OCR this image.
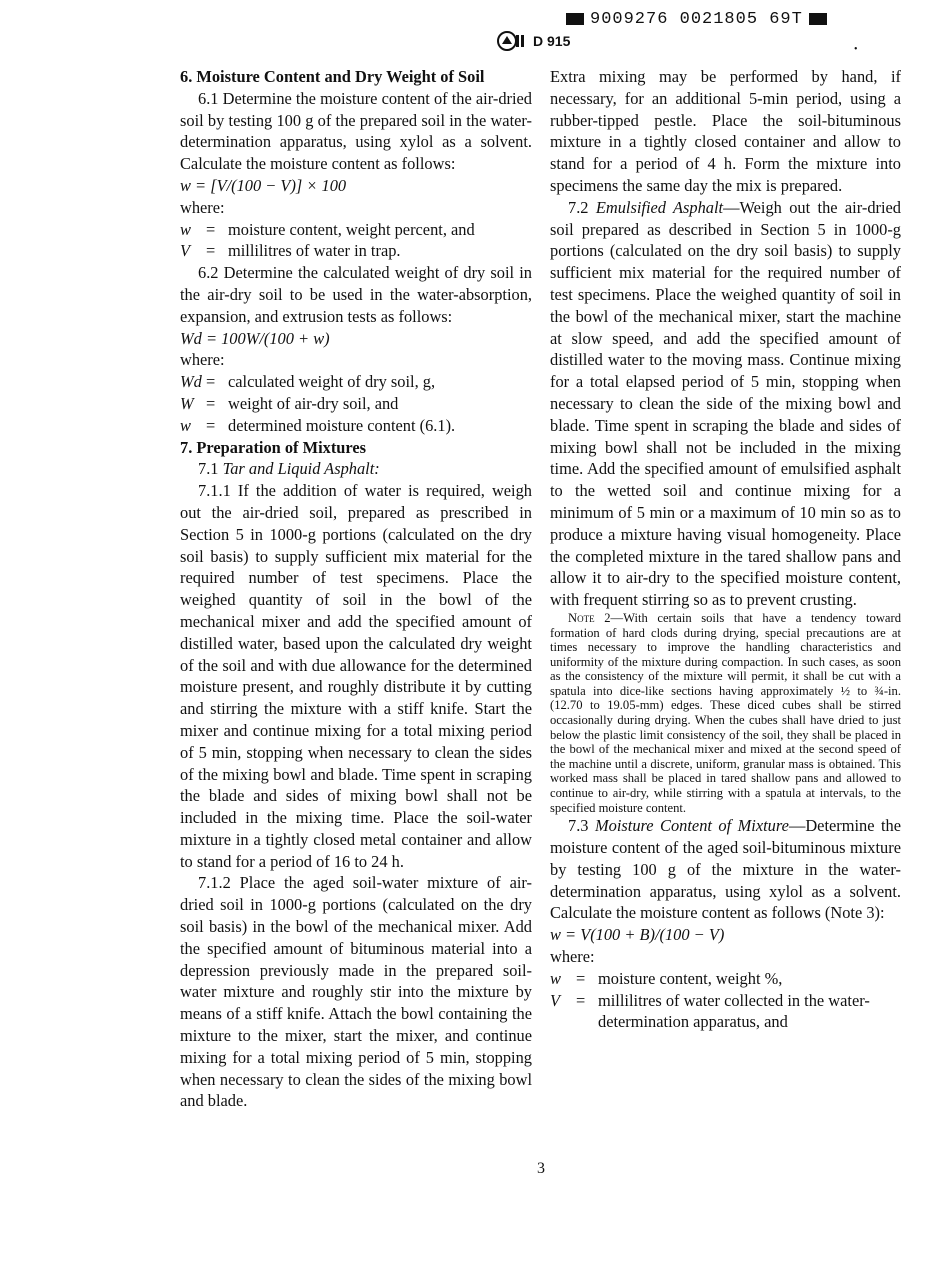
9009276 0021805 69T
D 915
•

6. Moisture Content and Dry Weight of Soil

6.1 Determine the moisture content of the air-dried soil by testing 100 g of the prepared soil in the water-determination apparatus, using xylol as a solvent. Calculate the moisture content as follows:

w = [V/(100 − V)] × 100

where:

w = moisture content, weight percent, and
V = millilitres of water in trap.

6.2 Determine the calculated weight of dry soil in the air-dry soil to be used in the water-absorption, expansion, and extrusion tests as follows:

Wd = 100W/(100 + w)

where:

Wd = calculated weight of dry soil, g,
W = weight of air-dry soil, and
w = determined moisture content (6.1).

7. Preparation of Mixtures

7.1 Tar and Liquid Asphalt:

7.1.1 If the addition of water is required, weigh out the air-dried soil, prepared as prescribed in Section 5 in 1000-g portions (calculated on the dry soil basis) to supply sufficient mix material for the required number of test specimens. Place the weighed quantity of soil in the bowl of the mechanical mixer and add the specified amount of distilled water, based upon the calculated dry weight of the soil and with due allowance for the determined moisture present, and roughly distribute it by cutting and stirring the mixture with a stiff knife. Start the mixer and continue mixing for a total mixing period of 5 min, stopping when necessary to clean the sides of the mixing bowl and blade. Time spent in scraping the blade and sides of mixing bowl shall not be included in the mixing time. Place the soil-water mixture in a tightly closed metal container and allow to stand for a period of 16 to 24 h.

7.1.2 Place the aged soil-water mixture of air-dried soil in 1000-g portions (calculated on the dry soil basis) in the bowl of the mechanical mixer. Add the specified amount of bituminous material into a depression previously made in the prepared soil-water mixture and roughly stir into the mixture by means of a stiff knife. Attach the bowl containing the mixture to the mixer, start the mixer, and continue mixing for a total mixing period of 5 min, stopping when necessary to clean the sides of the mixing bowl and blade.

Extra mixing may be performed by hand, if necessary, for an additional 5-min period, using a rubber-tipped pestle. Place the soil-bituminous mixture in a tightly closed container and allow to stand for a period of 4 h. Form the mixture into specimens the same day the mix is prepared.

7.2 Emulsified Asphalt—Weigh out the air-dried soil prepared as described in Section 5 in 1000-g portions (calculated on the dry soil basis) to supply sufficient mix material for the required number of test specimens. Place the weighed quantity of soil in the bowl of the mechanical mixer, start the machine at slow speed, and add the specified amount of distilled water to the moving mass. Continue mixing for a total elapsed period of 5 min, stopping when necessary to clean the side of the mixing bowl and blade. Time spent in scraping the blade and sides of mixing bowl shall not be included in the mixing time. Add the specified amount of emulsified asphalt to the wetted soil and continue mixing for a minimum of 5 min or a maximum of 10 min so as to produce a mixture having visual homogeneity. Place the completed mixture in the tared shallow pans and allow it to air-dry to the specified moisture content, with frequent stirring so as to prevent crusting.

Note 2—With certain soils that have a tendency toward formation of hard clods during drying, special precautions are at times necessary to improve the handling characteristics and uniformity of the mixture during compaction. In such cases, as soon as the consistency of the mixture will permit, it shall be cut with a spatula into dice-like sections having approximately ½ to ¾-in. (12.70 to 19.05-mm) edges. These diced cubes shall be stirred occasionally during drying. When the cubes shall have dried to just below the plastic limit consistency of the soil, they shall be placed in the bowl of the mechanical mixer and mixed at the second speed of the machine until a discrete, uniform, granular mass is obtained. This worked mass shall be placed in tared shallow pans and allowed to continue to air-dry, while stirring with a spatula at intervals, to the specified moisture content.

7.3 Moisture Content of Mixture—Determine the moisture content of the aged soil-bituminous mixture by testing 100 g of the mixture in the water-determination apparatus, using xylol as a solvent. Calculate the moisture content as follows (Note 3):

w = V(100 + B)/(100 − V)

where:

w = moisture content, weight %,
V = millilitres of water collected in the water-determination apparatus, and
3
